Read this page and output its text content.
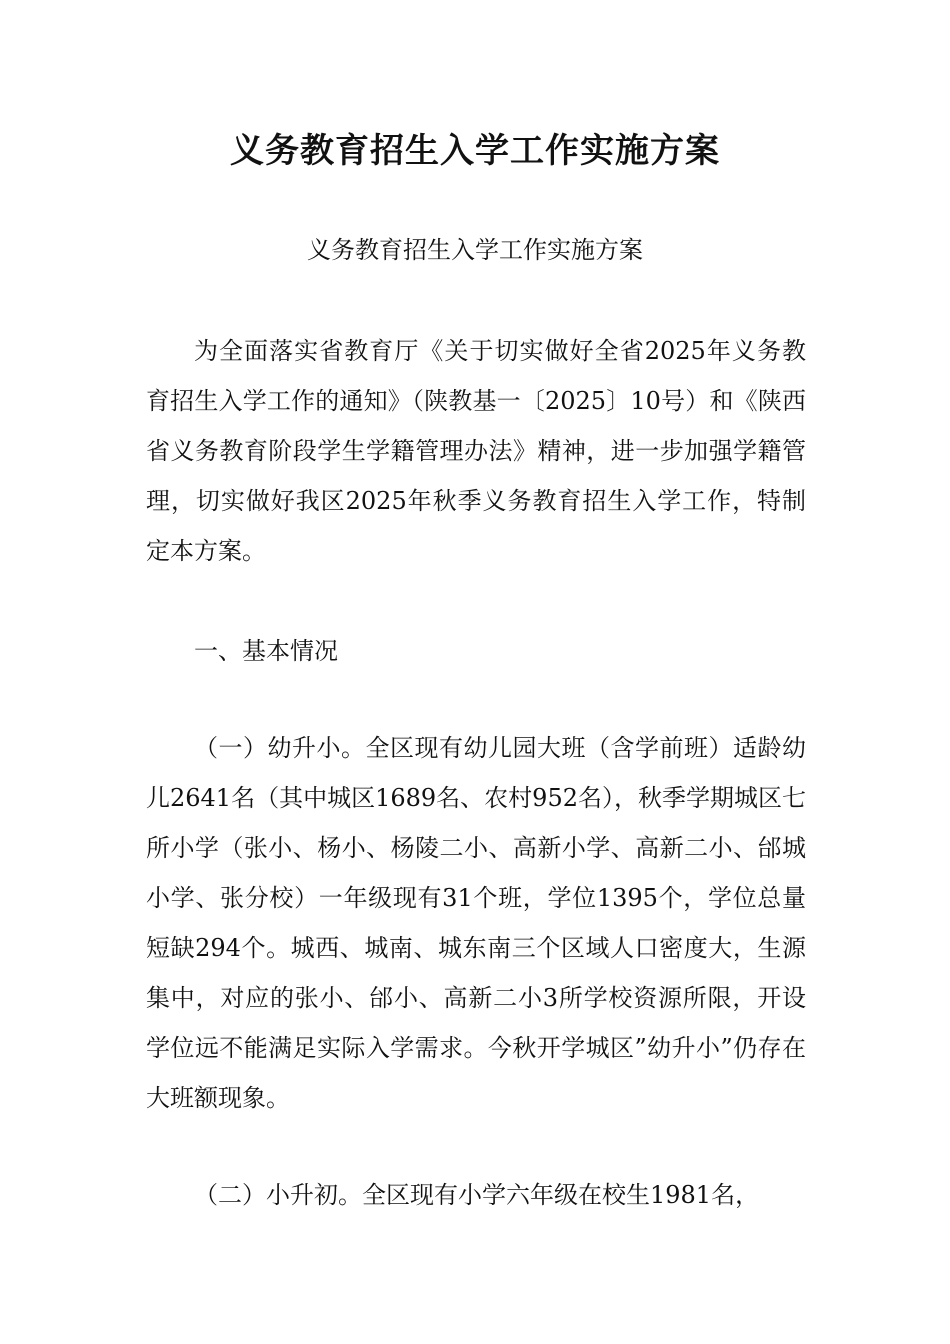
义务教育招生入学工作实施方案

义务教育招生入学工作实施方案

为全面落实省教育厅《关于切实做好全省2025年义务教育招生入学工作的通知》（陕教基一〔2025〕10号）和《陕西省义务教育阶段学生学籍管理办法》精神，进一步加强学籍管理，切实做好我区2025年秋季义务教育招生入学工作，特制定本方案。

一、基本情况

（一）幼升小。全区现有幼儿园大班（含学前班）适龄幼儿2641名（其中城区1689名、农村952名），秋季学期城区七所小学（张小、杨小、杨陵二小、高新小学、高新二小、邰城小学、张分校）一年级现有31个班，学位1395个，学位总量短缺294个。城西、城南、城东南三个区域人口密度大，生源集中，对应的张小、邰小、高新二小3所学校资源所限，开设学位远不能满足实际入学需求。今秋开学城区”幼升小”仍存在大班额现象。

（二）小升初。全区现有小学六年级在校生1981名，
